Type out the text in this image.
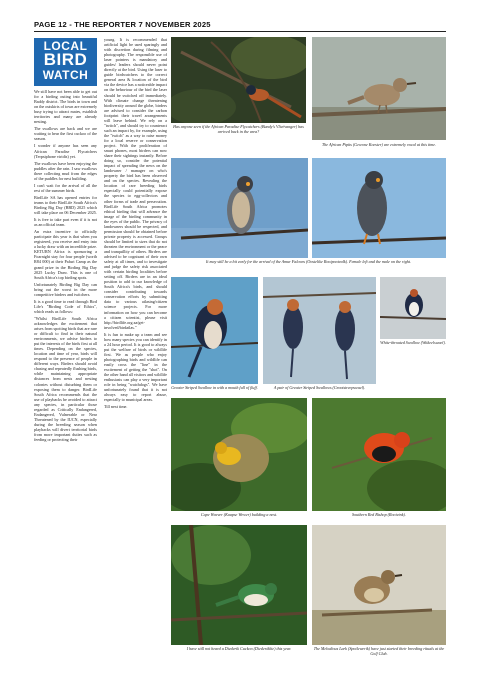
PAGE 12 - THE REPORTER 7 NOVEMBER 2025
LOCAL
BIRD
WATCH

We still have not been able to get out for a birding outing into beautiful Baddy district. The birds in town and on the outskirts of town are extremely busy trying to attract mates, establish territories and many are already nesting.

The swallows are back and we are waiting to hear the first cuckoo of the season.

I wonder if anyone has seen any African Paradise Flycatchers (Terpsiphone viridis) yet.

The swallows have been enjoying the puddles after the rain. I saw swallows there collecting mud from the edges of the puddles for nest building.

I can't wait for the arrival of all the rest of the summer birds.

BirdLife SA has opened entries for teams to their BirdLife South Africa's Birding Big Day (BBD) 2025 which will take place on 06 December 2025.

It is free to take part even if it is not as an official team.

An extra incentive to officially participate this year is that when you registered, you receive and entry into a lucky draw with an incredible prize. KETURN Africa is sponsoring a Foarnight stay for four people (worth R84 000) at their Pafuri Camp as the grand prize in the Birding Big Day 2025 Lucky Draw. This is one of South Africa's top birding spots.

Unfortunately Birding Big Day can bring out the worst in the more competitive birders and twitchers.

It is a good time to read through Bird Life's "Birding Code of Ethics", which reads as follows:

"Whilst BirdLife South Africa acknowledges the excitement that arises from spotting birds that are rare or difficult to find in their natural environments, we advise birders to put the interests of the birds first at all times. Depending on the species, location and time of year, birds will respond to the presence of people in different ways. Birders should avoid chasing and repeatedly flushing birds, while maintaining appropriate distances from nests and nesting colonies without disturbing them or exposing them to danger. BirdLife South Africa recommends that the use of playbacks be avoided to attract any species, in particular those regarded as Critically Endangered, Endangered, Vulnerable or Near Threatened by the IUCN, especially during the breeding season when playbacks will divert territorial birds from more important duties such as feeding or protecting their

young. It is recommended that artificial light be used sparingly and with discretion during filming and photography. The responsible use of laser pointers is mandatory and guides/ leaders should never point directly at the bird. Using the laser to guide birdwatchers to the correct general area & location of the bird via the device has a noticeable impact on the behaviour of the bird the laser should be switched off immediately. With climate change threatening biodiversity around the globe, birders are advised to consider the carbon footprint their travel arrangements will leave behind. We rely on a "twitch", and should try to counteract such an impact by, for example, using the "twitch" as a way to raise money for a local reserve or conservation project. With the proliferation of smart phones, most birders can now share their sightings instantly. Before doing so, consider the potential impact of spreading the news on the landowner / manager on who's property the bird has been observed and on the species. Revealing the location of rare breeding birds especially could potentially expose the species to egg-collectors and other forms of trade and persecution. BirdLife South Africa promotes ethical birding that will advance the image of the birding community in the eyes of the public. The privacy of landowners should be respected, and permission should be obtained before private property is accessed. Groups should be limited to sizes that do not threaten the environment or the peace and tranquillity of others. Birders are advised to be cognisant of their own safety at all times, and to investigate and judge the safety risk associated with certain birding localities before setting off. Birders are in an ideal position to add to our knowledge of South Africa's birds, and should consider contributing towards conservation efforts by submitting data to various atlasing/citizen science projects. For more information on how you can become a citizen scientist, please visit http://birdlife.org.za/get-involved/birdatlas."

It is fun to make up a team and see how many species you can identify in a 24 hour period. It is good to always put the welfare of birds or wildlife first. We as people who enjoy photographing birds and wildlife can easily cross the "line" in the excitement of getting the "shot". On the other hand all visitors and wildlife enthusiasts can play a very important role in being "watchdogs". We have unfortunately found that it is not always easy to report abuse, especially to municipal areas.

Till next time.

Has anyone seen if the African Paradise Flycatchers (Bundy's Vlieëvanger) has arrived back in the area?
The African Pipits (Gewone Koester) are extremely vocal at this time.
It may still be a bit early for the arrival of the Amur Falcons (Oostelike Rooipootvalk). Female left and the male on the right.
Greater Striped Swallow in with a mouth full of fluff.	A pair of Greater Striped Swallows (Grootstreepswael).
White-throated Swallow (Witkeelswael).
Cape Weaver (Kaapse Wewer) building a nest.	Southern Red Bishop (Rooivink).
I have still not heard a Diederik Cuckoo (Diederikkie) this year.	The Melodious Lark (Spotlewerik) have just started their breeding rituals at the Golf Club.
